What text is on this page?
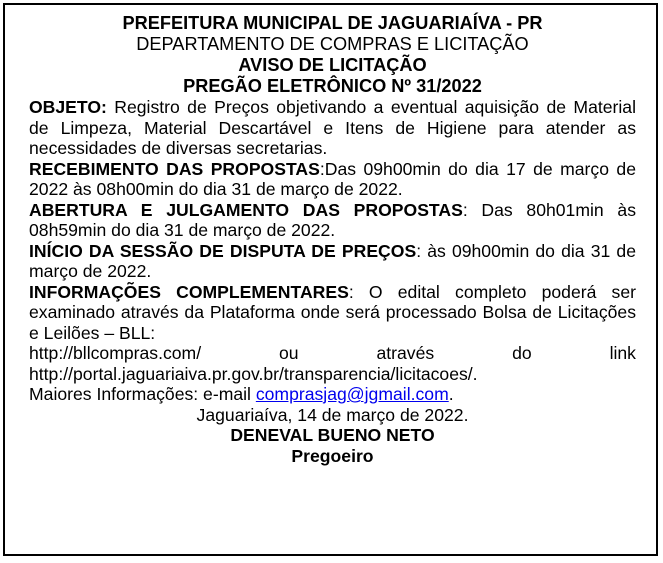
PREFEITURA MUNICIPAL DE JAGUARIAÍVA - PR
DEPARTAMENTO DE COMPRAS E LICITAÇÃO
AVISO DE LICITAÇÃO
PREGÃO ELETRÔNICO Nº 31/2022

OBJETO: Registro de Preços objetivando a eventual aquisição de Material de Limpeza, Material Descartável e Itens de Higiene para atender as necessidades de diversas secretarias.

RECEBIMENTO DAS PROPOSTAS:Das 09h00min do dia 17 de março de 2022 às 08h00min do dia 31 de março de 2022.

ABERTURA E JULGAMENTO DAS PROPOSTAS: Das 80h01min às 08h59min do dia 31 de março de 2022.

INÍCIO DA SESSÃO DE DISPUTA DE PREÇOS: às 09h00min do dia 31 de março de 2022.

INFORMAÇÕES COMPLEMENTARES: O edital completo poderá ser examinado através da Plataforma onde será processado Bolsa de Licitações e Leilões – BLL:

http://bllcompras.com/	ou	através	do	link
http://portal.jaguariaiva.pr.gov.br/transparencia/licitacoes/.
Maiores Informações: e-mail comprasjag@jgmail.com.
Jaguariaíva, 14 de março de 2022.
DENEVAL BUENO NETO
Pregoeiro
